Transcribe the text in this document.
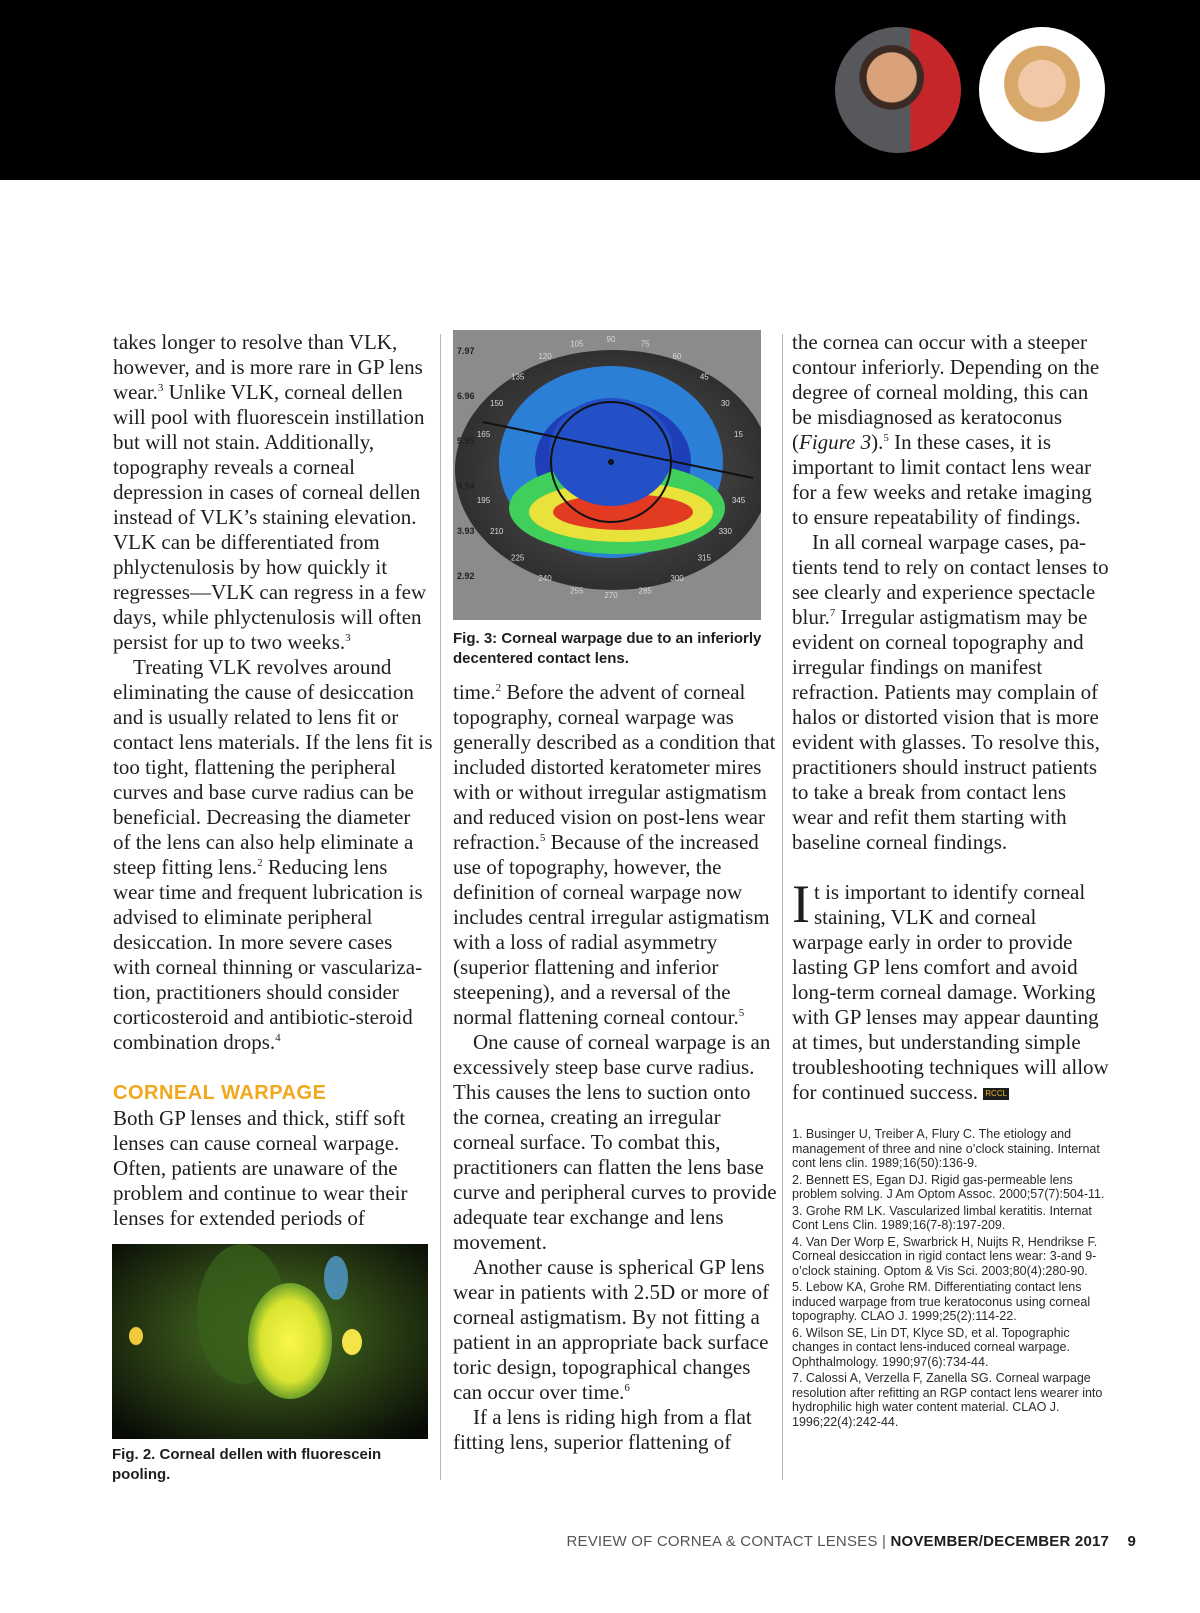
takes longer to resolve than VLK, however, and is more rare in GP lens wear.$^3$ Unlike VLK, corneal dellen will pool with fluorescein instillation but will not stain. Additionally, topography reveals a corneal depression in cases of corneal dellen instead of VLK’s staining elevation. VLK can be differentiated from phlyctenulosis by how quickly it regresses—VLK can regress in a few days, while phlyctenulosis will often persist for up to two weeks.$^3$

Treating VLK revolves around eliminating the cause of desiccation and is usually related to lens fit or contact lens materials. If the lens fit is too tight, flattening the peripheral curves and base curve radius can be beneficial. Decreasing the diameter of the lens can also help eliminate a steep fitting lens.$^2$ Reducing lens wear time and frequent lubrication is advised to eliminate peripheral desiccation. In more severe cases with corneal thinning or vascularization, practitioners should consider corticosteroid and antibiotic-steroid combination drops.$^4$

CORNEAL WARPAGE

Both GP lenses and thick, stiff soft lenses can cause corneal warpage. Often, patients are unaware of the problem and continue to wear their lenses for extended periods of

7.97
6.96
5.95
4.94
3.93
2.92
105	90	75
120	60
135	45
150	30
165	15
195	345
210	330
225	315
240	300
255	270	285
Fig. 3: Corneal warpage due to an inferiorly decentered contact lens.
Fig. 2. Corneal dellen with fluorescein pooling.

time.$^2$ Before the advent of corneal topography, corneal warpage was generally described as a condition that included distorted keratometer mires with or without irregular astigmatism and reduced vision on post-lens wear refraction.$^5$ Because of the increased use of topography, however, the definition of corneal warpage now includes central irregular astigmatism with a loss of radial asymmetry (superior flattening and inferior steepening), and a reversal of the normal flattening corneal contour.$^5$

One cause of corneal warpage is an excessively steep base curve radius. This causes the lens to suction onto the cornea, creating an irregular corneal surface. To combat this, practitioners can flatten the lens base curve and peripheral curves to provide adequate tear exchange and lens movement.

Another cause is spherical GP lens wear in patients with 2.5D or more of corneal astigmatism. By not fitting a patient in an appropriate back surface toric design, topographical changes can occur over time.$^6$

If a lens is riding high from a flat fitting lens, superior flattening of

the cornea can occur with a steeper contour inferiorly. Depending on the degree of corneal molding, this can be misdiagnosed as keratoconus (Figure 3).$^5$ In these cases, it is important to limit contact lens wear for a few weeks and retake imaging to ensure repeatability of findings.

In all corneal warpage cases, patients tend to rely on contact lenses to see clearly and experience spectacle blur.$^7$ Irregular astigmatism may be evident on corneal topography and irregular findings on manifest refraction. Patients may complain of halos or distorted vision that is more evident with glasses. To resolve this, practitioners should instruct patients to take a break from contact lens wear and refit them starting with baseline corneal findings.

It is important to identify corneal staining, VLK and corneal warpage early in order to provide lasting GP lens comfort and avoid long-term corneal damage. Working with GP lenses may appear daunting at times, but understanding simple troubleshooting techniques will allow for continued success. RCCL

1. Businger U, Treiber A, Flury C. The etiology and management of three and nine o’clock staining. Internat cont lens clin. 1989;16(50):136-9.
2. Bennett ES, Egan DJ. Rigid gas-permeable lens problem solving. J Am Optom Assoc. 2000;57(7):504-11.
3. Grohe RM LK. Vascularized limbal keratitis. Internat Cont Lens Clin. 1989;16(7-8):197-209.
4. Van Der Worp E, Swarbrick H, Nuijts R, Hendrikse F. Corneal desiccation in rigid contact lens wear: 3-and 9-o’clock staining. Optom & Vis Sci. 2003;80(4):280-90.
5. Lebow KA, Grohe RM. Differentiating contact lens induced warpage from true keratoconus using corneal topography. CLAO J. 1999;25(2):114-22.
6. Wilson SE, Lin DT, Klyce SD, et al. Topographic changes in contact lens-induced corneal warpage. Ophthalmology. 1990;97(6):734-44.
7. Calossi A, Verzella F, Zanella SG. Corneal warpage resolution after refitting an RGP contact lens wearer into hydrophilic high water content material. CLAO J. 1996;22(4):242-44.
REVIEW OF CORNEA & CONTACT LENSES | NOVEMBER/DECEMBER 2017 9
